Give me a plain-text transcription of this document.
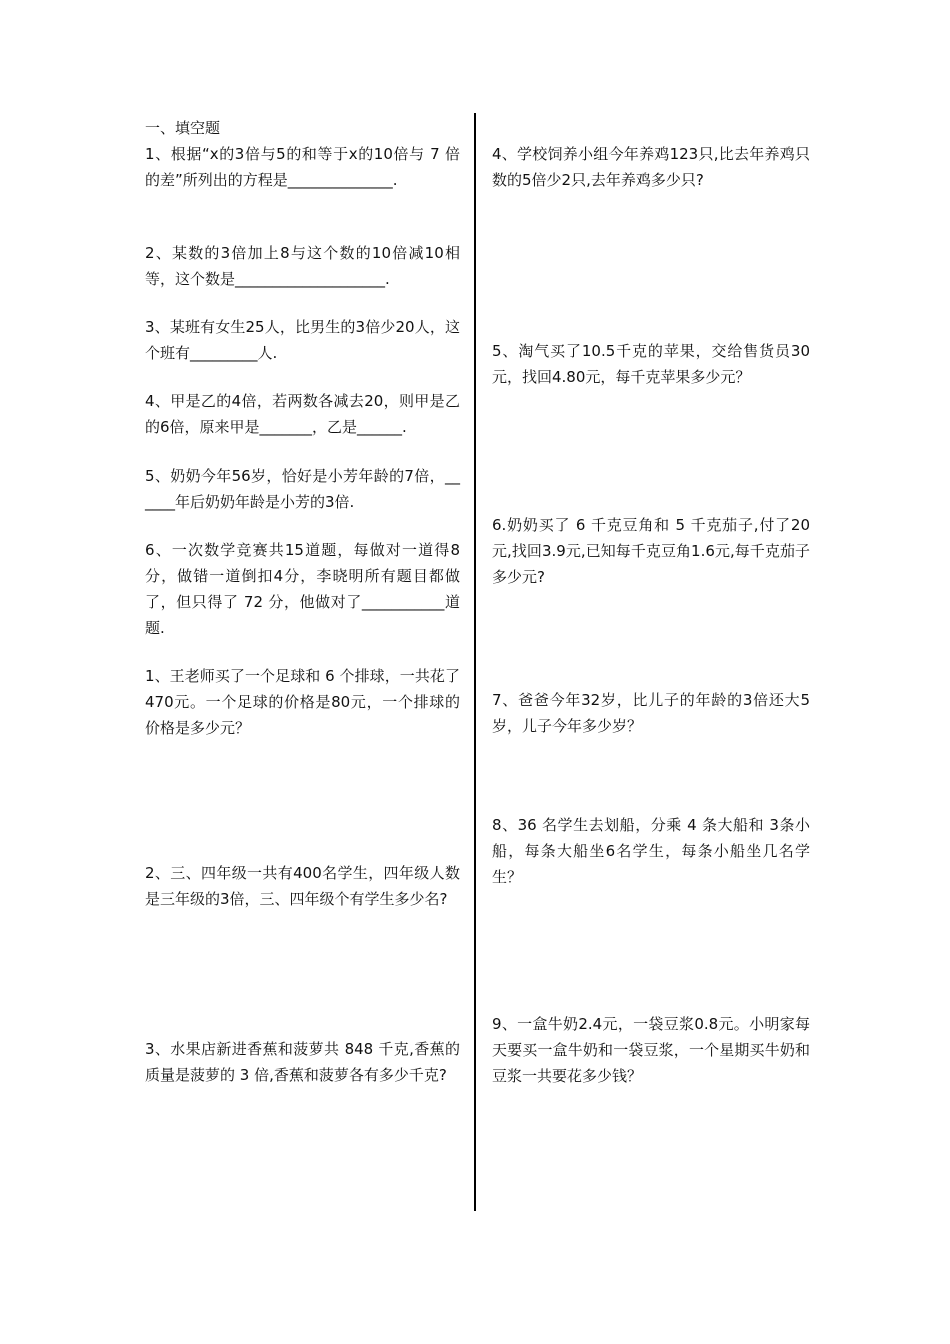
一、填空题

1、根据“x的3倍与5的和等于x的10倍与 7 倍的差”所列出的方程是______________.

2、某数的3倍加上8与这个数的10倍减10相等，这个数是____________________.

3、某班有女生25人，比男生的3倍少20人，这个班有_________人.

4、甲是乙的4倍，若两数各减去20，则甲是乙的6倍，原来甲是_______，乙是______.

5、奶奶今年56岁，恰好是小芳年龄的7倍，______年后奶奶年龄是小芳的3倍.

6、一次数学竞赛共15道题，每做对一道得8分，做错一道倒扣4分，李晓明所有题目都做了，但只得了 72 分，他做对了___________道题.

1、王老师买了一个足球和 6 个排球，一共花了470元。一个足球的价格是80元，一个排球的价格是多少元？

2、三、四年级一共有400名学生，四年级人数是三年级的3倍，三、四年级个有学生多少名?

3、水果店新进香蕉和菠萝共 848 千克,香蕉的质量是菠萝的 3 倍,香蕉和菠萝各有多少千克?

4、学校饲养小组今年养鸡123只,比去年养鸡只数的5倍少2只,去年养鸡多少只?

5、淘气买了10.5千克的苹果，交给售货员30元，找回4.80元，每千克苹果多少元？

6.奶奶买了 6 千克豆角和 5 千克茄子,付了20元,找回3.9元,已知每千克豆角1.6元,每千克茄子多少元?

7、爸爸今年32岁，比儿子的年龄的3倍还大5岁，儿子今年多少岁？

8、36 名学生去划船，分乘 4 条大船和 3条小船，每条大船坐6名学生，每条小船坐几名学生？

9、一盒牛奶2.4元，一袋豆浆0.8元。小明家每天要买一盒牛奶和一袋豆浆，一个星期买牛奶和豆浆一共要花多少钱？
